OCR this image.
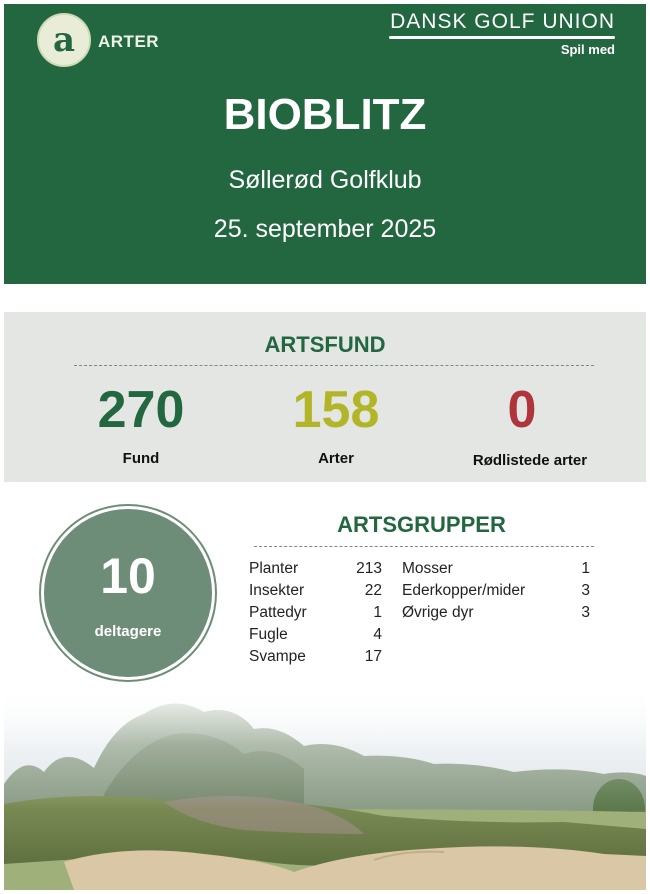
a	ARTER
DANSK GOLF UNION
Spil med
BIOBLITZ
Søllerød Golfklub
25. september 2025
ARTSFUND
270
Fund
158
Arter
0
Rødlistede arter
10
deltagere
ARTSGRUPPER
Planter	213
Insekter	22
Pattedyr	1
Fugle	4
Svampe	17
Mosser	1
Ederkopper/mider	3
Øvrige dyr	3
